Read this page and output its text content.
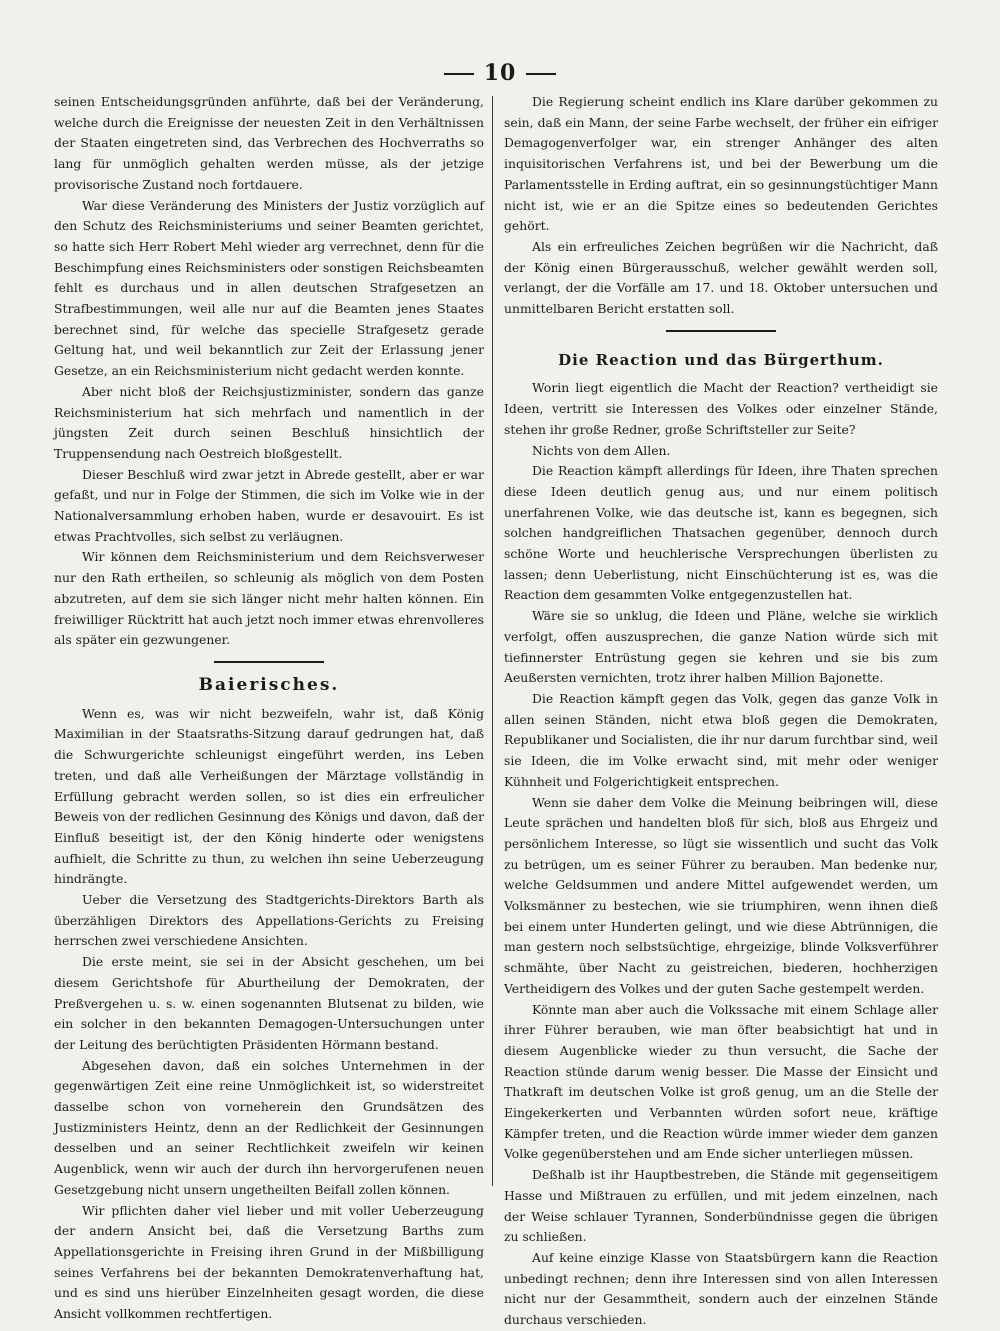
10

seinen Entscheidungsgründen anführte, daß bei der Veränderung, welche durch die Ereignisse der neuesten Zeit in den Verhältnissen der Staaten eingetreten sind, das Verbrechen des Hochverraths so lang für unmöglich gehalten werden müsse, als der jetzige provisorische Zustand noch fortdauere.

War diese Veränderung des Ministers der Justiz vorzüglich auf den Schutz des Reichsministeriums und seiner Beamten gerichtet, so hatte sich Herr Robert Mehl wieder arg verrechnet, denn für die Beschimpfung eines Reichsministers oder sonstigen Reichsbeamten fehlt es durchaus und in allen deutschen Strafgesetzen an Strafbestimmungen, weil alle nur auf die Beamten jenes Staates berechnet sind, für welche das specielle Strafgesetz gerade Geltung hat, und weil bekanntlich zur Zeit der Erlassung jener Gesetze, an ein Reichsministerium nicht gedacht werden konnte.

Aber nicht bloß der Reichsjustizminister, sondern das ganze Reichsministerium hat sich mehrfach und namentlich in der jüngsten Zeit durch seinen Beschluß hinsichtlich der Truppensendung nach Oestreich bloßgestellt.

Dieser Beschluß wird zwar jetzt in Abrede gestellt, aber er war gefaßt, und nur in Folge der Stimmen, die sich im Volke wie in der Nationalversammlung erhoben haben, wurde er desavouirt. Es ist etwas Prachtvolles, sich selbst zu verläugnen.

Wir können dem Reichsministerium und dem Reichsverweser nur den Rath ertheilen, so schleunig als möglich von dem Posten abzutreten, auf dem sie sich länger nicht mehr halten können. Ein freiwilliger Rücktritt hat auch jetzt noch immer etwas ehrenvolleres als später ein gezwungener.

Baierisches.

Wenn es, was wir nicht bezweifeln, wahr ist, daß König Maximilian in der Staatsraths-Sitzung darauf gedrungen hat, daß die Schwurgerichte schleunigst eingeführt werden, ins Leben treten, und daß alle Verheißungen der Märztage vollständig in Erfüllung gebracht werden sollen, so ist dies ein erfreulicher Beweis von der redlichen Gesinnung des Königs und davon, daß der Einfluß beseitigt ist, der den König hinderte oder wenigstens aufhielt, die Schritte zu thun, zu welchen ihn seine Ueberzeugung hindrängte.

Ueber die Versetzung des Stadtgerichts-Direktors Barth als überzähligen Direktors des Appellations-Gerichts zu Freising herrschen zwei verschiedene Ansichten.

Die erste meint, sie sei in der Absicht geschehen, um bei diesem Gerichtshofe für Aburtheilung der Demokraten, der Preßvergehen u. s. w. einen sogenannten Blutsenat zu bilden, wie ein solcher in den bekannten Demagogen-Untersuchungen unter der Leitung des berüchtigten Präsidenten Hörmann bestand.

Abgesehen davon, daß ein solches Unternehmen in der gegenwärtigen Zeit eine reine Unmöglichkeit ist, so widerstreitet dasselbe schon von vorneherein den Grundsätzen des Justizministers Heintz, denn an der Redlichkeit der Gesinnungen desselben und an seiner Rechtlichkeit zweifeln wir keinen Augenblick, wenn wir auch der durch ihn hervorgerufenen neuen Gesetzgebung nicht unsern ungetheilten Beifall zollen können.

Wir pflichten daher viel lieber und mit voller Ueberzeugung der andern Ansicht bei, daß die Versetzung Barths zum Appellationsgerichte in Freising ihren Grund in der Mißbilligung seines Verfahrens bei der bekannten Demokratenverhaftung hat, und es sind uns hierüber Einzelnheiten gesagt worden, die diese Ansicht vollkommen rechtfertigen.

Die Regierung scheint endlich ins Klare darüber gekommen zu sein, daß ein Mann, der seine Farbe wechselt, der früher ein eifriger Demagogenverfolger war, ein strenger Anhänger des alten inquisitorischen Verfahrens ist, und bei der Bewerbung um die Parlamentsstelle in Erding auftrat, ein so gesinnungstüchtiger Mann nicht ist, wie er an die Spitze eines so bedeutenden Gerichtes gehört.

Als ein erfreuliches Zeichen begrüßen wir die Nachricht, daß der König einen Bürgerausschuß, welcher gewählt werden soll, verlangt, der die Vorfälle am 17. und 18. Oktober untersuchen und unmittelbaren Bericht erstatten soll.

Die Reaction und das Bürgerthum.

Worin liegt eigentlich die Macht der Reaction? vertheidigt sie Ideen, vertritt sie Interessen des Volkes oder einzelner Stände, stehen ihr große Redner, große Schriftsteller zur Seite?

Nichts von dem Allen.

Die Reaction kämpft allerdings für Ideen, ihre Thaten sprechen diese Ideen deutlich genug aus, und nur einem politisch unerfahrenen Volke, wie das deutsche ist, kann es begegnen, sich solchen handgreiflichen Thatsachen gegenüber, dennoch durch schöne Worte und heuchlerische Versprechungen überlisten zu lassen; denn Ueberlistung, nicht Einschüchterung ist es, was die Reaction dem gesammten Volke entgegenzustellen hat.

Wäre sie so unklug, die Ideen und Pläne, welche sie wirklich verfolgt, offen auszusprechen, die ganze Nation würde sich mit tiefinnerster Entrüstung gegen sie kehren und sie bis zum Aeußersten vernichten, trotz ihrer halben Million Bajonette.

Die Reaction kämpft gegen das Volk, gegen das ganze Volk in allen seinen Ständen, nicht etwa bloß gegen die Demokraten, Republikaner und Socialisten, die ihr nur darum furchtbar sind, weil sie Ideen, die im Volke erwacht sind, mit mehr oder weniger Kühnheit und Folgerichtigkeit entsprechen.

Wenn sie daher dem Volke die Meinung beibringen will, diese Leute sprächen und handelten bloß für sich, bloß aus Ehrgeiz und persönlichem Interesse, so lügt sie wissentlich und sucht das Volk zu betrügen, um es seiner Führer zu berauben. Man bedenke nur, welche Geldsummen und andere Mittel aufgewendet werden, um Volksmänner zu bestechen, wie sie triumphiren, wenn ihnen dieß bei einem unter Hunderten gelingt, und wie diese Abtrünnigen, die man gestern noch selbstsüchtige, ehrgeizige, blinde Volksverführer schmähte, über Nacht zu geistreichen, biederen, hochherzigen Vertheidigern des Volkes und der guten Sache gestempelt werden.

Könnte man aber auch die Volkssache mit einem Schlage aller ihrer Führer berauben, wie man öfter beabsichtigt hat und in diesem Augenblicke wieder zu thun versucht, die Sache der Reaction stünde darum wenig besser. Die Masse der Einsicht und Thatkraft im deutschen Volke ist groß genug, um an die Stelle der Eingekerkerten und Verbannten würden sofort neue, kräftige Kämpfer treten, und die Reaction würde immer wieder dem ganzen Volke gegenüberstehen und am Ende sicher unterliegen müssen.

Deßhalb ist ihr Hauptbestreben, die Stände mit gegenseitigem Hasse und Mißtrauen zu erfüllen, und mit jedem einzelnen, nach der Weise schlauer Tyrannen, Sonderbündnisse gegen die übrigen zu schließen.

Auf keine einzige Klasse von Staatsbürgern kann die Reaction unbedingt rechnen; denn ihre Interessen sind von allen Interessen nicht nur der Gesammtheit, sondern auch der einzelnen Stände durchaus verschieden.
